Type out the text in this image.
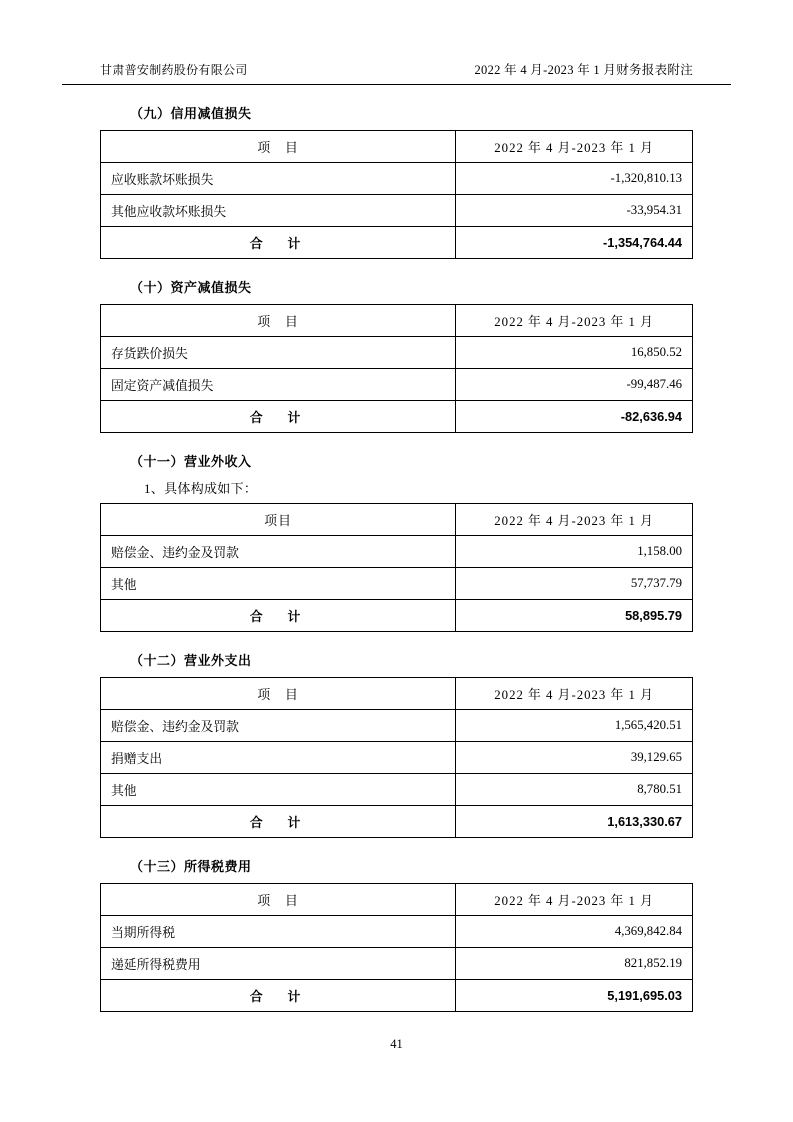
甘肃普安制药股份有限公司	2022 年 4 月-2023 年 1 月财务报表附注
（九）信用减值损失
项　目	2022 年 4 月-2023 年 1 月
应收账款坏账损失	-1,320,810.13
其他应收款坏账损失	-33,954.31
合　计	-1,354,764.44
（十）资产减值损失
项　目	2022 年 4 月-2023 年 1 月
存货跌价损失	16,850.52
固定资产减值损失	-99,487.46
合　计	-82,636.94
（十一）营业外收入
1、具体构成如下：
项目	2022 年 4 月-2023 年 1 月
赔偿金、违约金及罚款	1,158.00
其他	57,737.79
合　计	58,895.79
（十二）营业外支出
项　目	2022 年 4 月-2023 年 1 月
赔偿金、违约金及罚款	1,565,420.51
捐赠支出	39,129.65
其他	8,780.51
合　计	1,613,330.67
（十三）所得税费用
项　目	2022 年 4 月-2023 年 1 月
当期所得税	4,369,842.84
递延所得税费用	821,852.19
合　计	5,191,695.03
41
